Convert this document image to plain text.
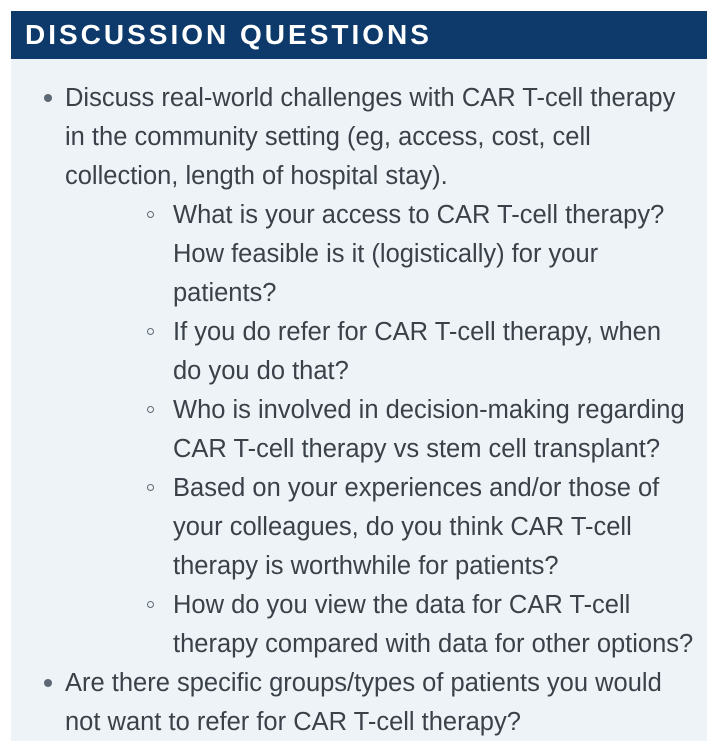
DISCUSSION QUESTIONS
Discuss real-world challenges with CAR T-cell therapy in the community setting (eg, access, cost, cell collection, length of hospital stay).
What is your access to CAR T-cell therapy? How feasible is it (logistically) for your patients?
If you do refer for CAR T-cell therapy, when do you do that?
Who is involved in decision-making regarding CAR T-cell therapy vs stem cell transplant?
Based on your experiences and/or those of your colleagues, do you think CAR T-cell therapy is worthwhile for patients?
How do you view the data for CAR T-cell therapy compared with data for other options?
Are there specific groups/types of patients you would not want to refer for CAR T-cell therapy?
